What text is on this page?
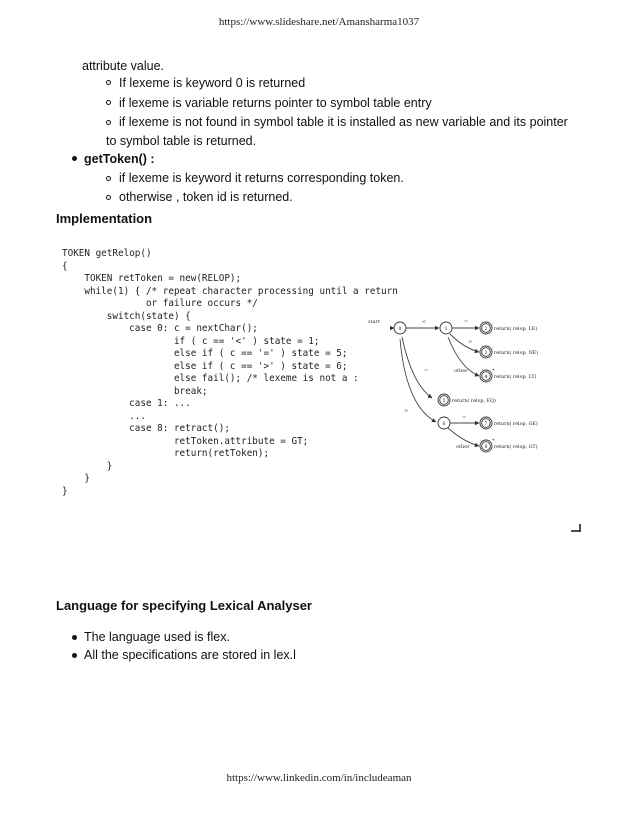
https://www.slideshare.net/Amansharma1037
attribute value.
If lexeme is keyword 0 is returned
if lexeme is variable returns pointer to symbol table entry
if lexeme is not found in symbol table it is installed as new variable and its pointer
to symbol table is returned.
getToken() :
if lexeme is keyword it returns corresponding token.
otherwise , token id is returned.
Implementation
TOKEN getRelop()
{
TOKEN retToken = new(RELOP);
while(1) { /* repeat character processing until a return
or failure occurs */
switch(state) {
case 0: c = nextChar();
if ( c == '<' ) state = 1;
else if ( c == '=' ) state = 5;
else if ( c == '>' ) state = 6;
else fail(); /* lexeme is not a :
break;
case 1: ...
...
case 8: retract();
retToken.attribute = GT;
return(retToken);
}
}
}

0	1	2
3
4
5
6	7
8
start	<	=
>
other
=
>
=
other
*
*
return( relop, LE)
return( relop, NE)
return( relop, LT)
return( relop, EQ)
return( relop, GE)
return( relop, GT)
Language for specifying Lexical Analyser
The language used is flex.
All the specifications are stored in lex.l
https://www.linkedin.com/in/includeaman
